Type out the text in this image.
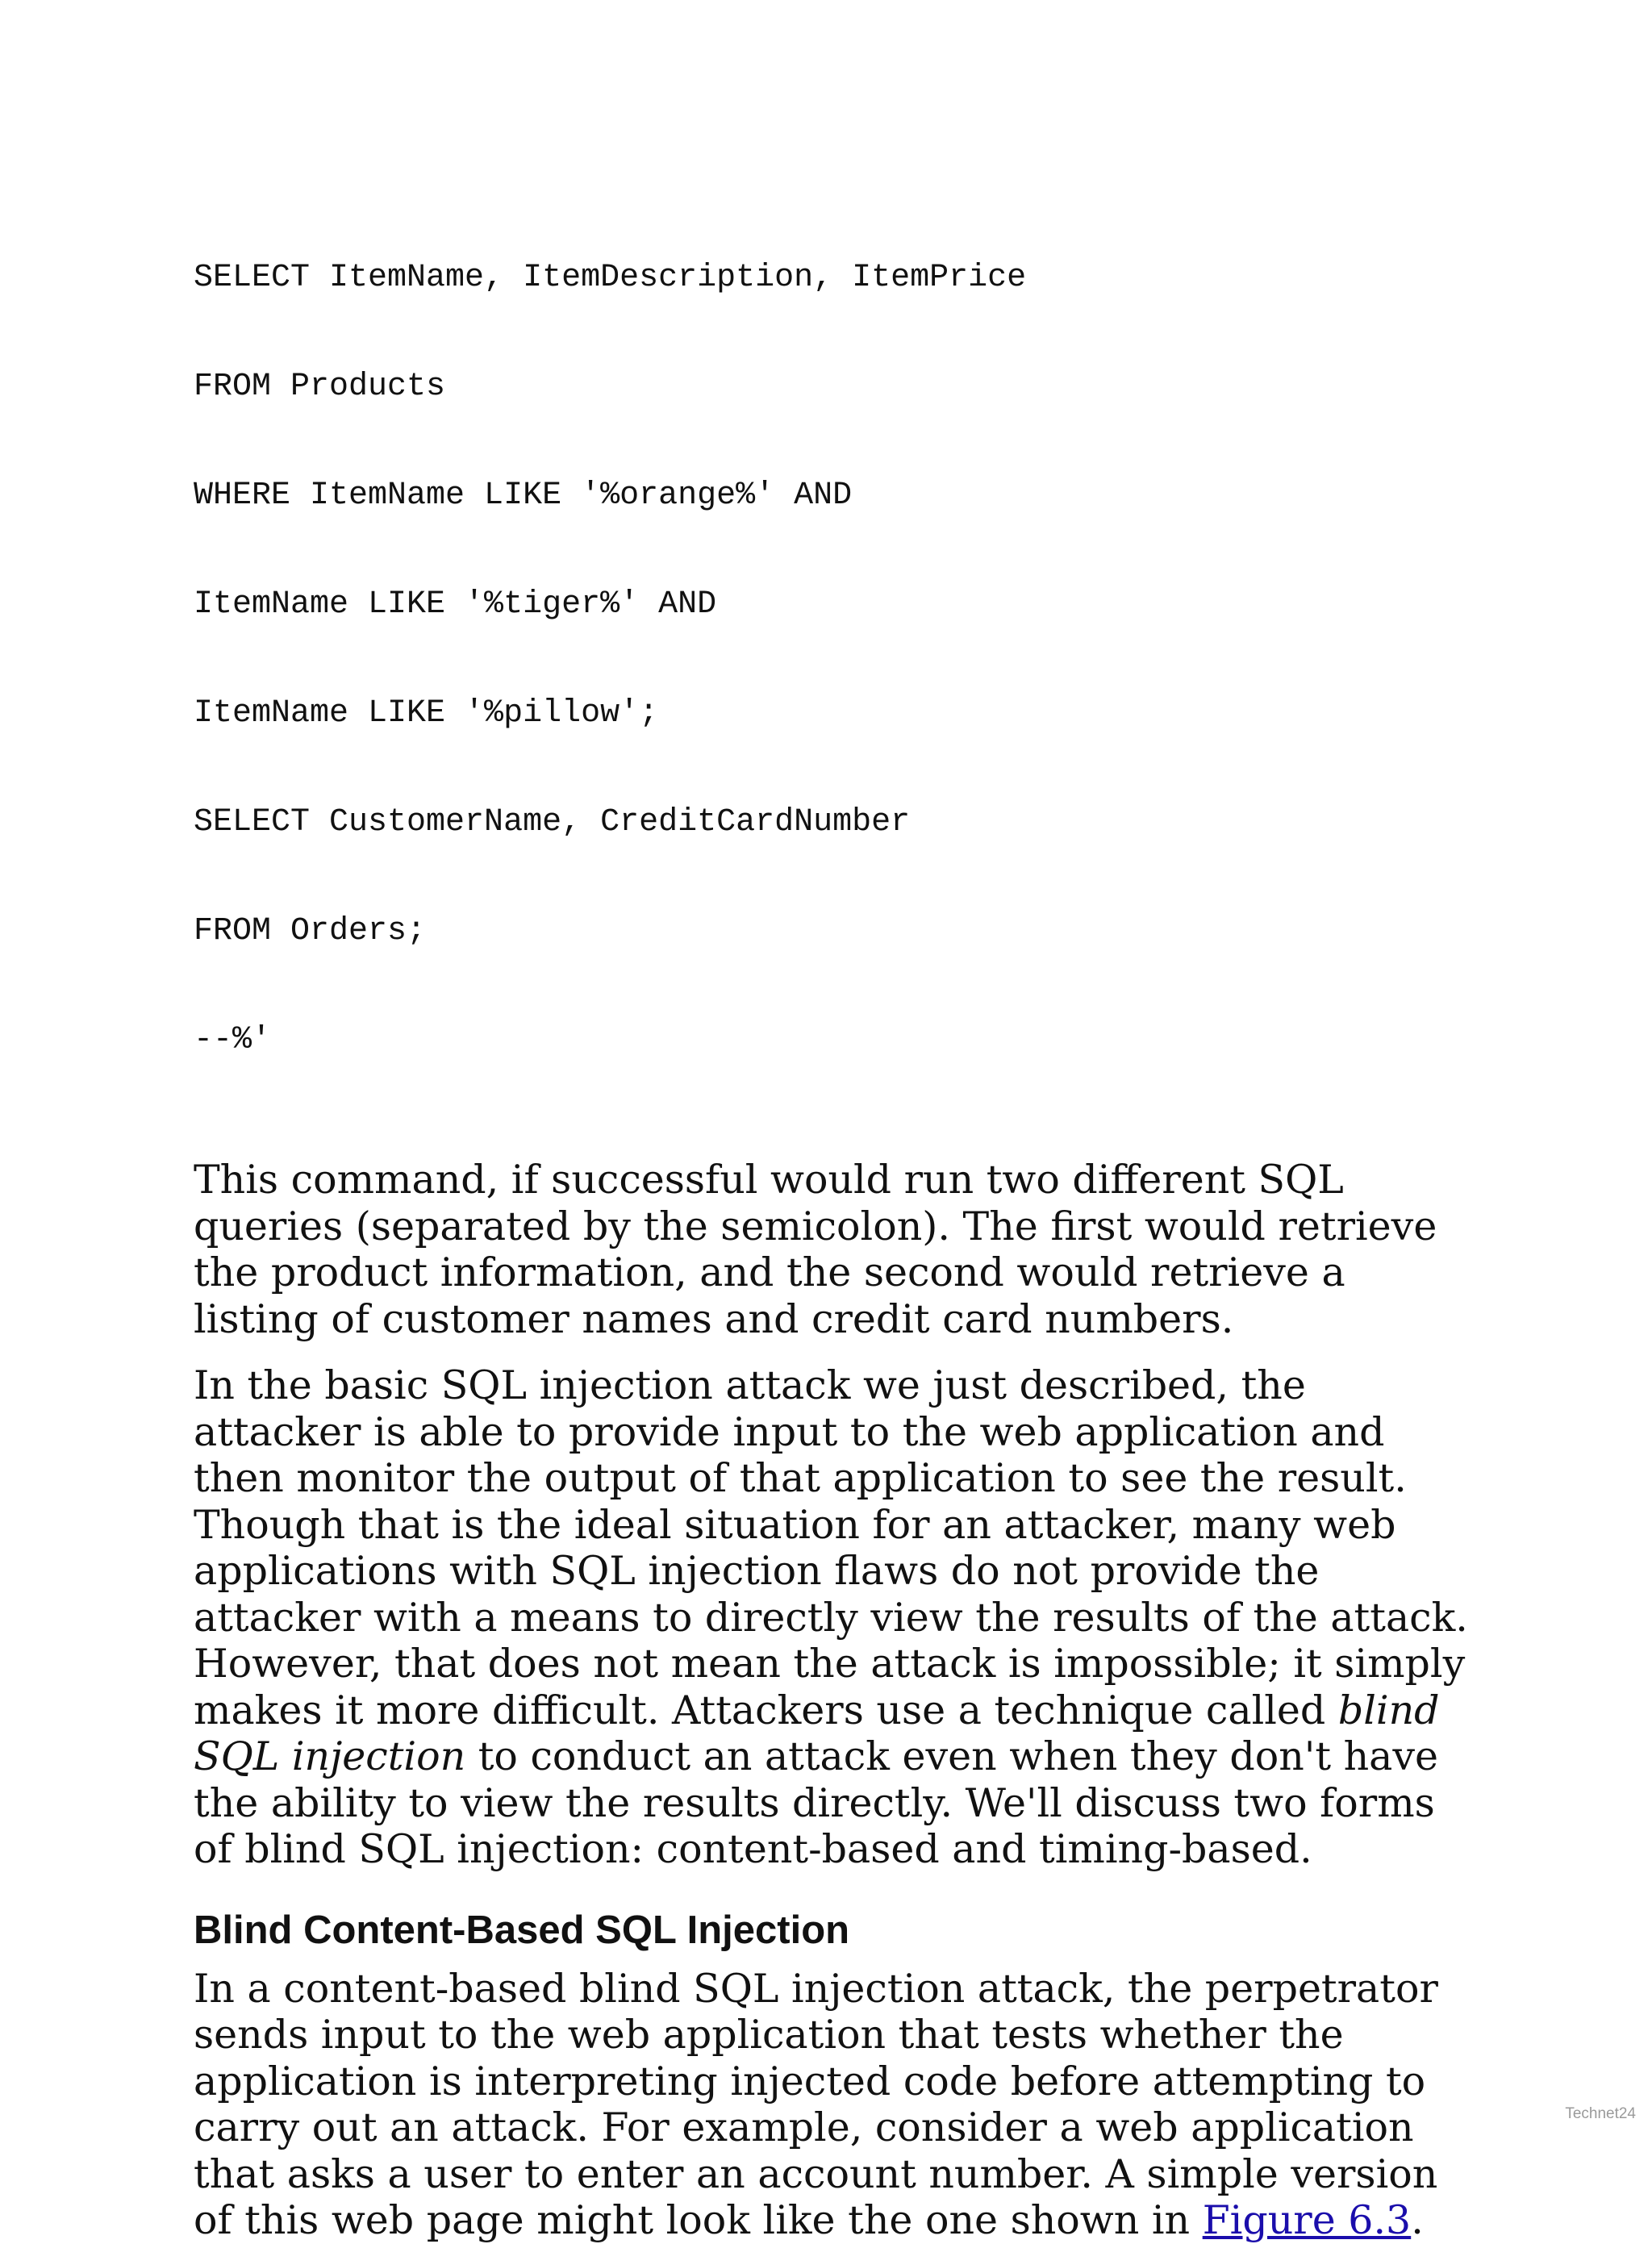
SELECT ItemName, ItemDescription, ItemPrice

FROM Products

WHERE ItemName LIKE '%orange%' AND

ItemName LIKE '%tiger%' AND

ItemName LIKE '%pillow';

SELECT CustomerName, CreditCardNumber

FROM Orders;

--%'

This command, if successful would run two different SQL queries (separated by the semicolon). The first would retrieve the product information, and the second would retrieve a listing of customer names and credit card numbers.

In the basic SQL injection attack we just described, the attacker is able to provide input to the web application and then monitor the output of that application to see the result. Though that is the ideal situation for an attacker, many web applications with SQL injection flaws do not provide the attacker with a means to directly view the results of the attack. However, that does not mean the attack is impossible; it simply makes it more difficult. Attackers use a technique called blind SQL injection to conduct an attack even when they don't have the ability to view the results directly. We'll discuss two forms of blind SQL injection: content-based and timing-based.

Blind Content-Based SQL Injection

In a content-based blind SQL injection attack, the perpetrator sends input to the web application that tests whether the application is interpreting injected code before attempting to carry out an attack. For example, consider a web application that asks a user to enter an account number. A simple version of this web page might look like the one shown in Figure 6.3.

Technet24
